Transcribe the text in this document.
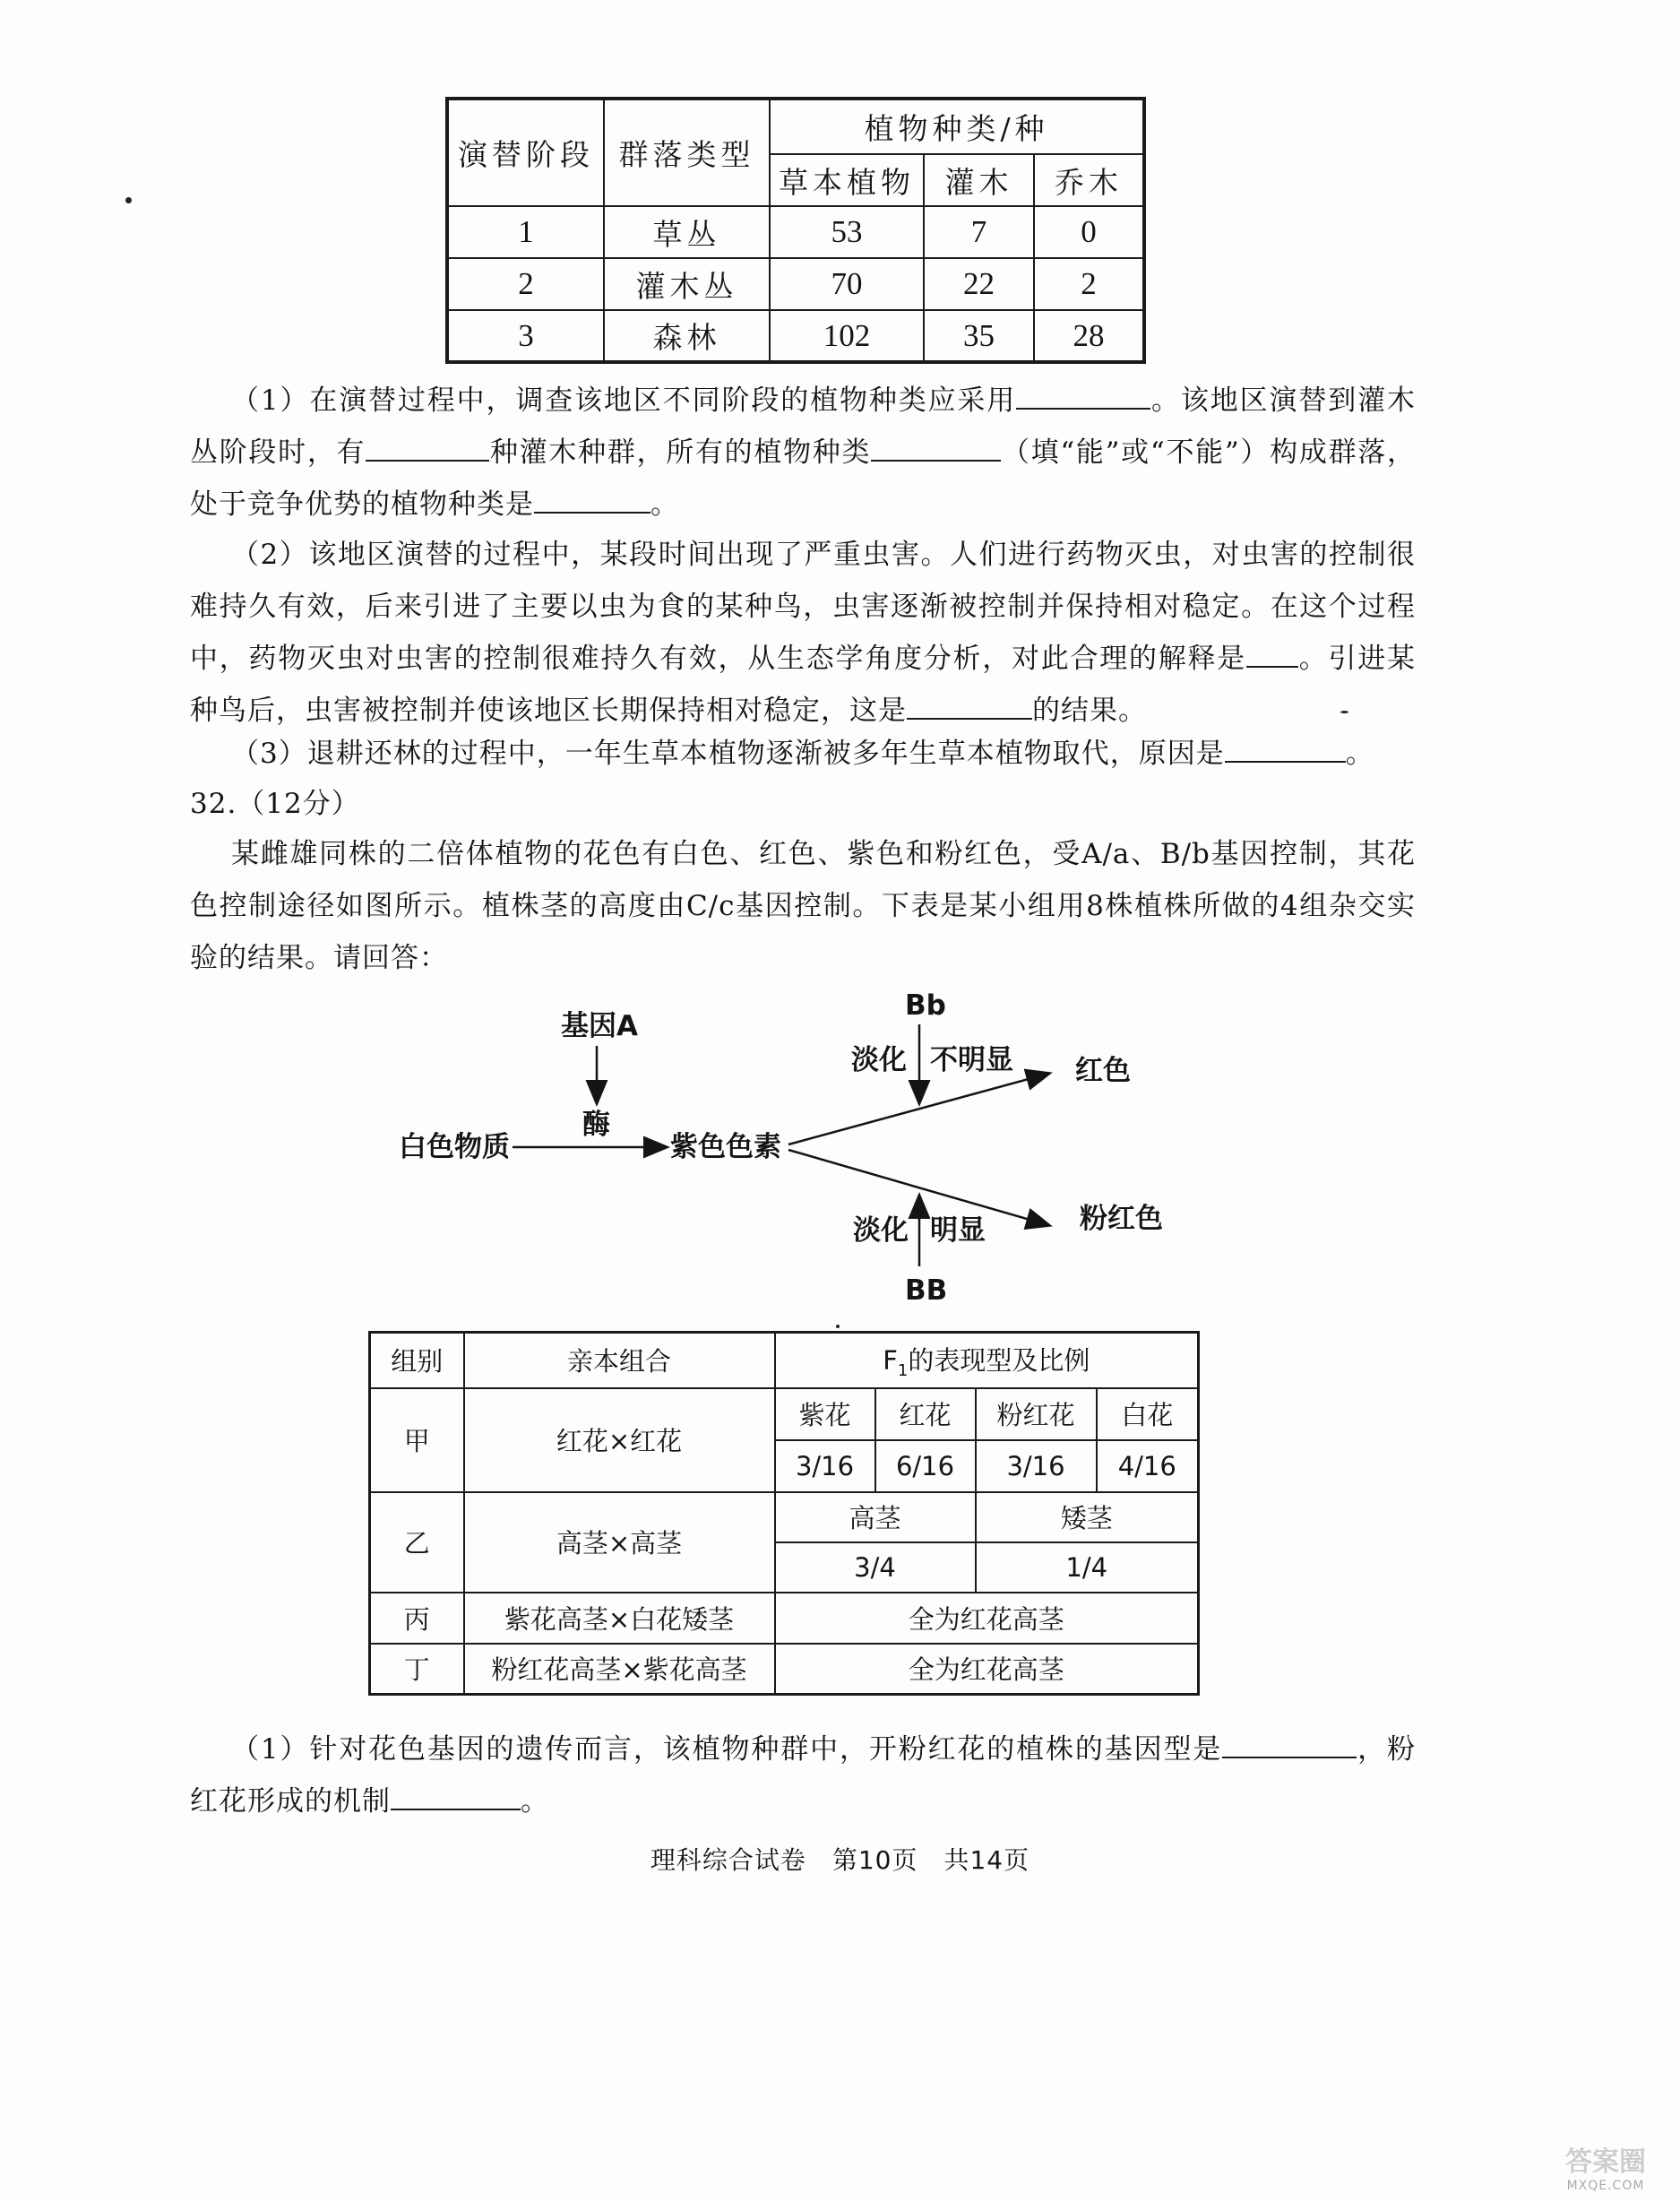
演替阶段	群落类型	植物种类/种		
		草本植物	灌木	乔木
1	草丛	53	7	0
2	灌木丛	70	22	2
3	森林	102	35	28
（1）在演替过程中，调查该地区不同阶段的植物种类应采用	。该地区演替到灌木丛阶段时，有	种灌木种群，所有的植物种类	（填“能”或“不能”）构成群落，处于竞争优势的植物种类是	。
（2）该地区演替的过程中，某段时间出现了严重虫害。人们进行药物灭虫，对虫害的控制很难持久有效，后来引进了主要以虫为食的某种鸟，虫害逐渐被控制并保持相对稳定。在这个过程中，药物灭虫对虫害的控制很难持久有效，从生态学角度分析，对此合理的解释是 。引进某种鸟后，虫害被控制并使该地区长期保持相对稳定，这是	的结果。
（3）退耕还林的过程中，一年生草本植物逐渐被多年生草本植物取代，原因是	。
32.（12分）
某雌雄同株的二倍体植物的花色有白色、红色、紫色和粉红色，受A/a、B/b基因控制，其花色控制途径如图所示。植株茎的高度由C/c基因控制。下表是某小组用8株植株所做的4组杂交实验的结果。请回答：
基因A
酶
白色物质	紫色色素
Bb
淡化 不明显 红色
淡化 明显
BB
粉红色
组别	亲本组合	$F_1$的表现型及比例			
甲	红花×红花	紫花	红花	粉红花	白花
		3/16	6/16	3/16	4/16
乙	高茎×高茎	高茎		矮茎	
		3/4		1/4	
丙	紫花高茎×白花矮茎	全为红花高茎			
丁	粉红花高茎×紫花高茎	全为红花高茎			
（1）针对花色基因的遗传而言，该植物种群中，开粉红花的植株的基因型是	，粉红花形成的机制	。
理科综合试卷　第10页　共14页
答案圈
MXQE.COM
